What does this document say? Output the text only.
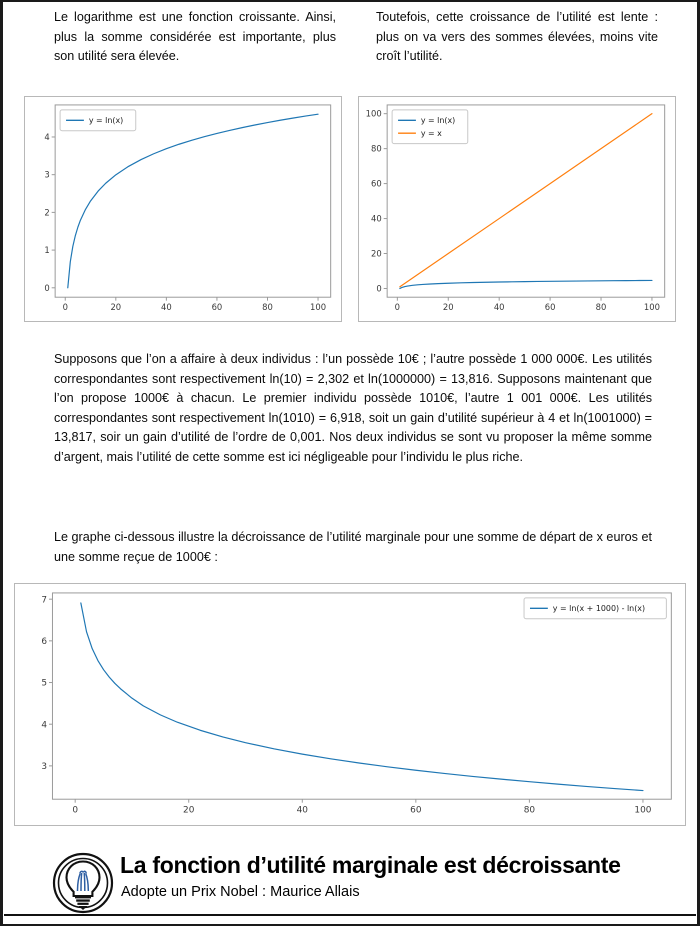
Le logarithme est une fonction croissante. Ainsi, plus la somme considérée est importante, plus son utilité sera élevée.
Toutefois, cette croissance de l’utilité est lente : plus on va vers des sommes élevées, moins vite croît l’utilité.
0	20	40	60	80	100
0
1
2
3
4
y = ln(x)
0	20	40	60	80	100
0
20
40
60
80
100
y = ln(x)
y = x
Supposons que l’on a affaire à deux individus : l’un possède 10€ ; l’autre possède 1 000 000€. Les utilités correspondantes sont respectivement ln(10) = 2,302 et ln(1000000) = 13,816. Supposons maintenant que l’on propose 1000€ à chacun. Le premier individu possède 1010€, l’autre 1 001 000€. Les utilités correspondantes sont respectivement ln(1010) = 6,918, soit un gain d’utilité supérieur à 4 et ln(1001000) = 13,817, soir un gain d’utilité de l’ordre de 0,001. Nos deux individus se sont vu proposer la même somme d’argent, mais l’utilité de cette somme est ici négligeable pour l’individu le plus riche.
Le graphe ci-dessous illustre la décroissance de l’utilité marginale pour une somme de départ de x euros et une somme reçue de 1000€ :
0	20	40	60	80	100
3
4
5
6
7
y = ln(x + 1000) - ln(x)
La fonction d’utilité marginale est décroissante
Adopte un Prix Nobel : Maurice Allais
